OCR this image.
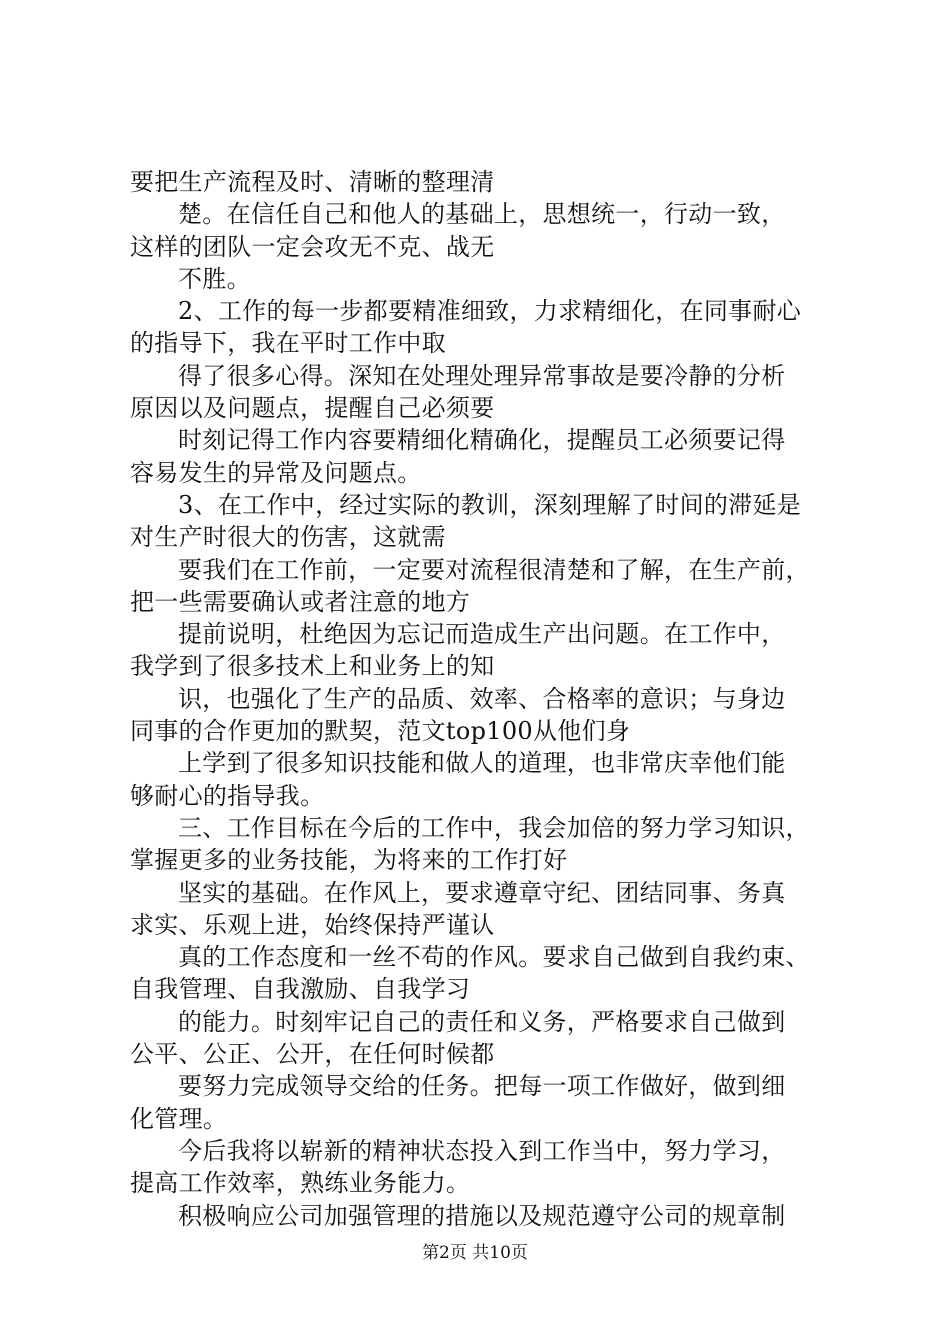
要把生产流程及时、清晰的整理清
楚。在信任自己和他人的基础上，思想统一，行动一致，
这样的团队一定会攻无不克、战无
不胜。
2、工作的每一步都要精准细致，力求精细化，在同事耐心
的指导下，我在平时工作中取
得了很多心得。深知在处理处理异常事故是要冷静的分析
原因以及问题点，提醒自己必须要
时刻记得工作内容要精细化精确化，提醒员工必须要记得
容易发生的异常及问题点。
3、在工作中，经过实际的教训，深刻理解了时间的滞延是
对生产时很大的伤害，这就需
要我们在工作前，一定要对流程很清楚和了解，在生产前，
把一些需要确认或者注意的地方
提前说明，杜绝因为忘记而造成生产出问题。在工作中，
我学到了很多技术上和业务上的知
识，也强化了生产的品质、效率、合格率的意识；与身边
同事的合作更加的默契，范文top100从他们身
上学到了很多知识技能和做人的道理，也非常庆幸他们能
够耐心的指导我。
三、工作目标在今后的工作中，我会加倍的努力学习知识，
掌握更多的业务技能，为将来的工作打好
坚实的基础。在作风上，要求遵章守纪、团结同事、务真
求实、乐观上进，始终保持严谨认
真的工作态度和一丝不苟的作风。要求自己做到自我约束、
自我管理、自我激励、自我学习
的能力。时刻牢记自己的责任和义务，严格要求自己做到
公平、公正、公开，在任何时候都
要努力完成领导交给的任务。把每一项工作做好，做到细
化管理。
今后我将以崭新的精神状态投入到工作当中，努力学习，
提高工作效率，熟练业务能力。
积极响应公司加强管理的措施以及规范遵守公司的规章制
第2页 共10页
